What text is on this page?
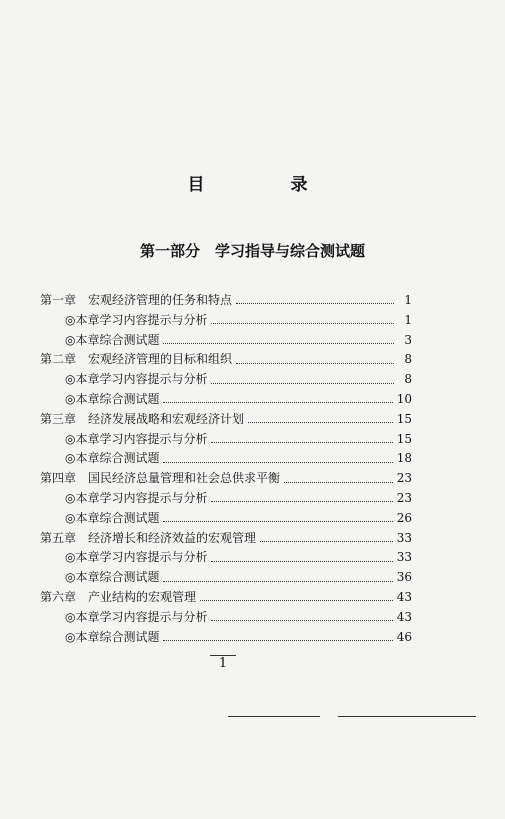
目 录
第一部分　学习指导与综合测试题
第一章　宏观经济管理的任务和特点	1
◎本章学习内容提示与分析	1
◎本章综合测试题	3
第二章　宏观经济管理的目标和组织	8
◎本章学习内容提示与分析	8
◎本章综合测试题	10
第三章　经济发展战略和宏观经济计划	15
◎本章学习内容提示与分析	15
◎本章综合测试题	18
第四章　国民经济总量管理和社会总供求平衡	23
◎本章学习内容提示与分析	23
◎本章综合测试题	26
第五章　经济增长和经济效益的宏观管理	33
◎本章学习内容提示与分析	33
◎本章综合测试题	36
第六章　产业结构的宏观管理	43
◎本章学习内容提示与分析	43
◎本章综合测试题	46
1
